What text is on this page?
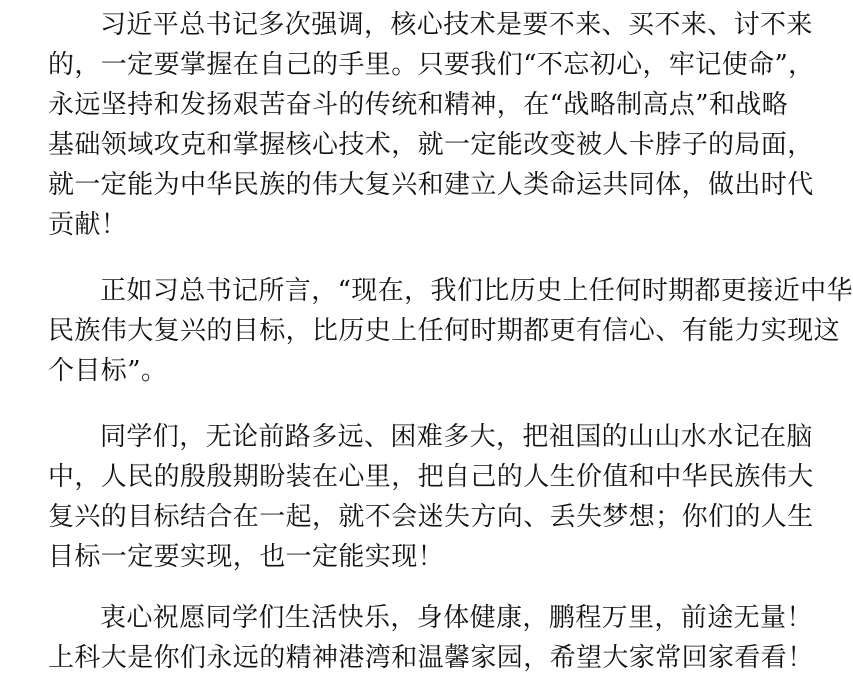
习近平总书记多次强调，核心技术是要不来、买不来、讨不来
的，一定要掌握在自己的手里。只要我们“不忘初心，牢记使命”，
永远坚持和发扬艰苦奋斗的传统和精神，在“战略制高点”和战略
基础领域攻克和掌握核心技术，就一定能改变被人卡脖子的局面，
就一定能为中华民族的伟大复兴和建立人类命运共同体，做出时代
贡献！

正如习总书记所言，“现在，我们比历史上任何时期都更接近中华
民族伟大复兴的目标，比历史上任何时期都更有信心、有能力实现这
个目标”。

同学们，无论前路多远、困难多大，把祖国的山山水水记在脑
中，人民的殷殷期盼装在心里，把自己的人生价值和中华民族伟大
复兴的目标结合在一起，就不会迷失方向、丢失梦想；你们的人生
目标一定要实现，也一定能实现！

衷心祝愿同学们生活快乐，身体健康，鹏程万里，前途无量！
上科大是你们永远的精神港湾和温馨家园，希望大家常回家看看！
